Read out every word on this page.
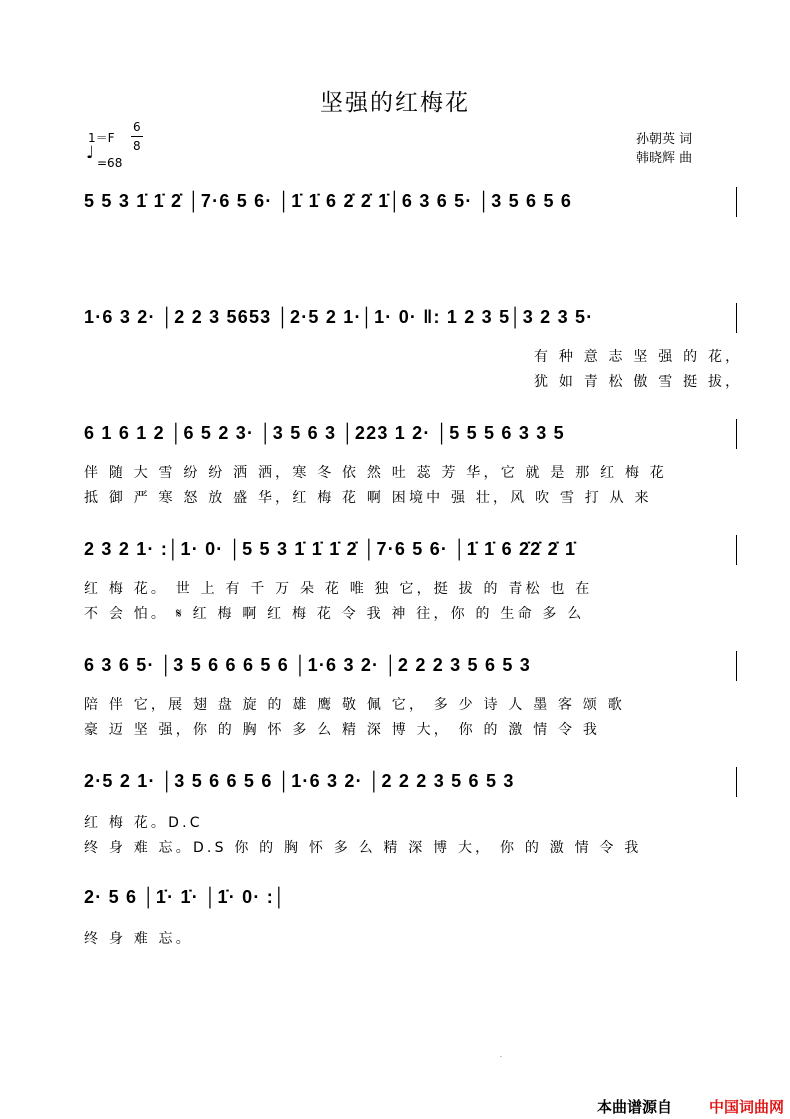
坚强的红梅花
1＝F
6
8
♩ =68
孙朝英 词
韩晓辉 曲
5 5 3 1̇ 1̇ 2̇ │7·6 5 6· │1̇ 1̇ 6 2̇ 2̇ 1̇│6 3 6 5· │3 5 6 5 6
1·6 3 2· │2 2 3 5653 │2·5 2 1·│1· 0· ‖: 1 2 3 5│3 2 3 5·
有 种 意 志 坚 强 的 花，
犹 如 青 松 傲 雪 挺 拔，
6 1 6 1 2 │6 5 2 3· │3 5 6 3 │223 1 2· │5 5 5 6 3 3 5
伴 随 大 雪 纷 纷 洒 洒，寒 冬 依 然 吐 蕊 芳 华，它 就 是 那 红 梅 花
抵 御 严 寒 怒 放 盛 华，红 梅 花 啊 困境中 强 壮，风 吹 雪 打 从 来
2 3 2 1· :│1· 0· │5 5 3 1̇ 1̇ 1̇ 2̇ │7·6 5 6· │1̇ 1̇ 6 2̇2̇ 2̇ 1̇
红 梅 花。 世 上 有 千 万 朵 花 唯 独 它，挺 拔 的 青松 也 在
不 会 怕。 𝄋 红 梅 啊 红 梅 花 令 我 神 往，你 的 生命 多 么
6 3 6 5· │3 5 6 6 6 5 6 │1·6 3 2· │2 2 2 3 5 6 5 3
陪 伴 它，展 翅 盘 旋 的 雄 鹰 敬 佩 它， 多 少 诗 人 墨 客 颂 歌
豪 迈 坚 强，你 的 胸 怀 多 么 精 深 博 大， 你 的 激 情 令 我
2·5 2 1· │3 5 6 6 5 6 │1·6 3 2· │2 2 2 3 5 6 5 3
红 梅 花。D.C
终 身 难 忘。D.S 你 的 胸 怀 多 么 精 深 博 大， 你 的 激 情 令 我
2· 5 6 │1̇· 1̇· │1̇· 0· :│
终 身 难 忘。
.
本曲谱源自 中国词曲网
